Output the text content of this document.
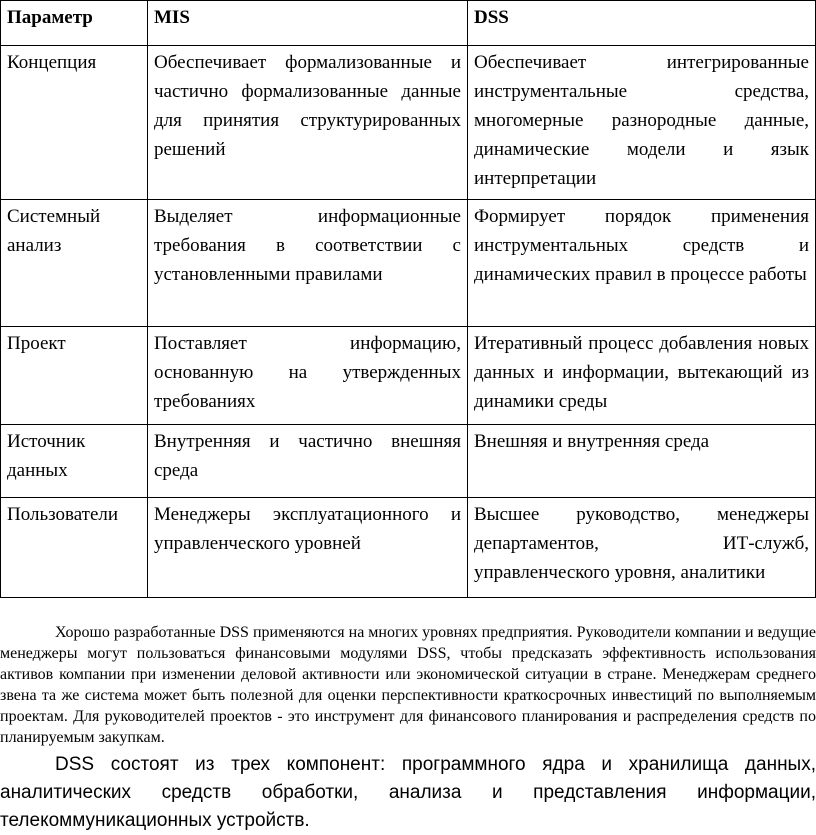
Параметр	MIS	DSS
Концепция	Обеспечивает формализованные и частично формализованные данные для принятия структурированных решений	Обеспечивает интегрированные инструментальные средства, многомерные разнородные данные, динамические модели и язык интерпретации
Системный анализ	Выделяет информационные требования в соответствии с установленными правилами	Формирует порядок применения инструментальных средств и динамических правил в процессе работы
Проект	Поставляет информацию, основанную на утвержденных требованиях	Итеративный процесс добавления новых данных и информации, вытекающий из динамики среды
Источник данных	Внутренняя и частично внешняя среда	Внешняя и внутренняя среда
Пользователи	Менеджеры эксплуатационного и управленческого уровней	Высшее руководство, менеджеры департаментов, ИТ-служб, управленческого уровня, аналитики

Хорошо разработанные DSS применяются на многих уровнях предприятия. Руководители компании и ведущие менеджеры могут пользоваться финансовыми модулями DSS, чтобы предсказать эффективность использования активов компании при изменении деловой активности или экономической ситуации в стране. Менеджерам среднего звена та же система может быть полезной для оценки перспективности краткосрочных инвестиций по выполняемым проектам. Для руководителей проектов - это инструмент для финансового планирования и распределения средств по планируемым закупкам.

DSS состоят из трех компонент: программного ядра и хранилища данных, аналитических средств обработки, анализа и представления информации, телекоммуникационных устройств.
